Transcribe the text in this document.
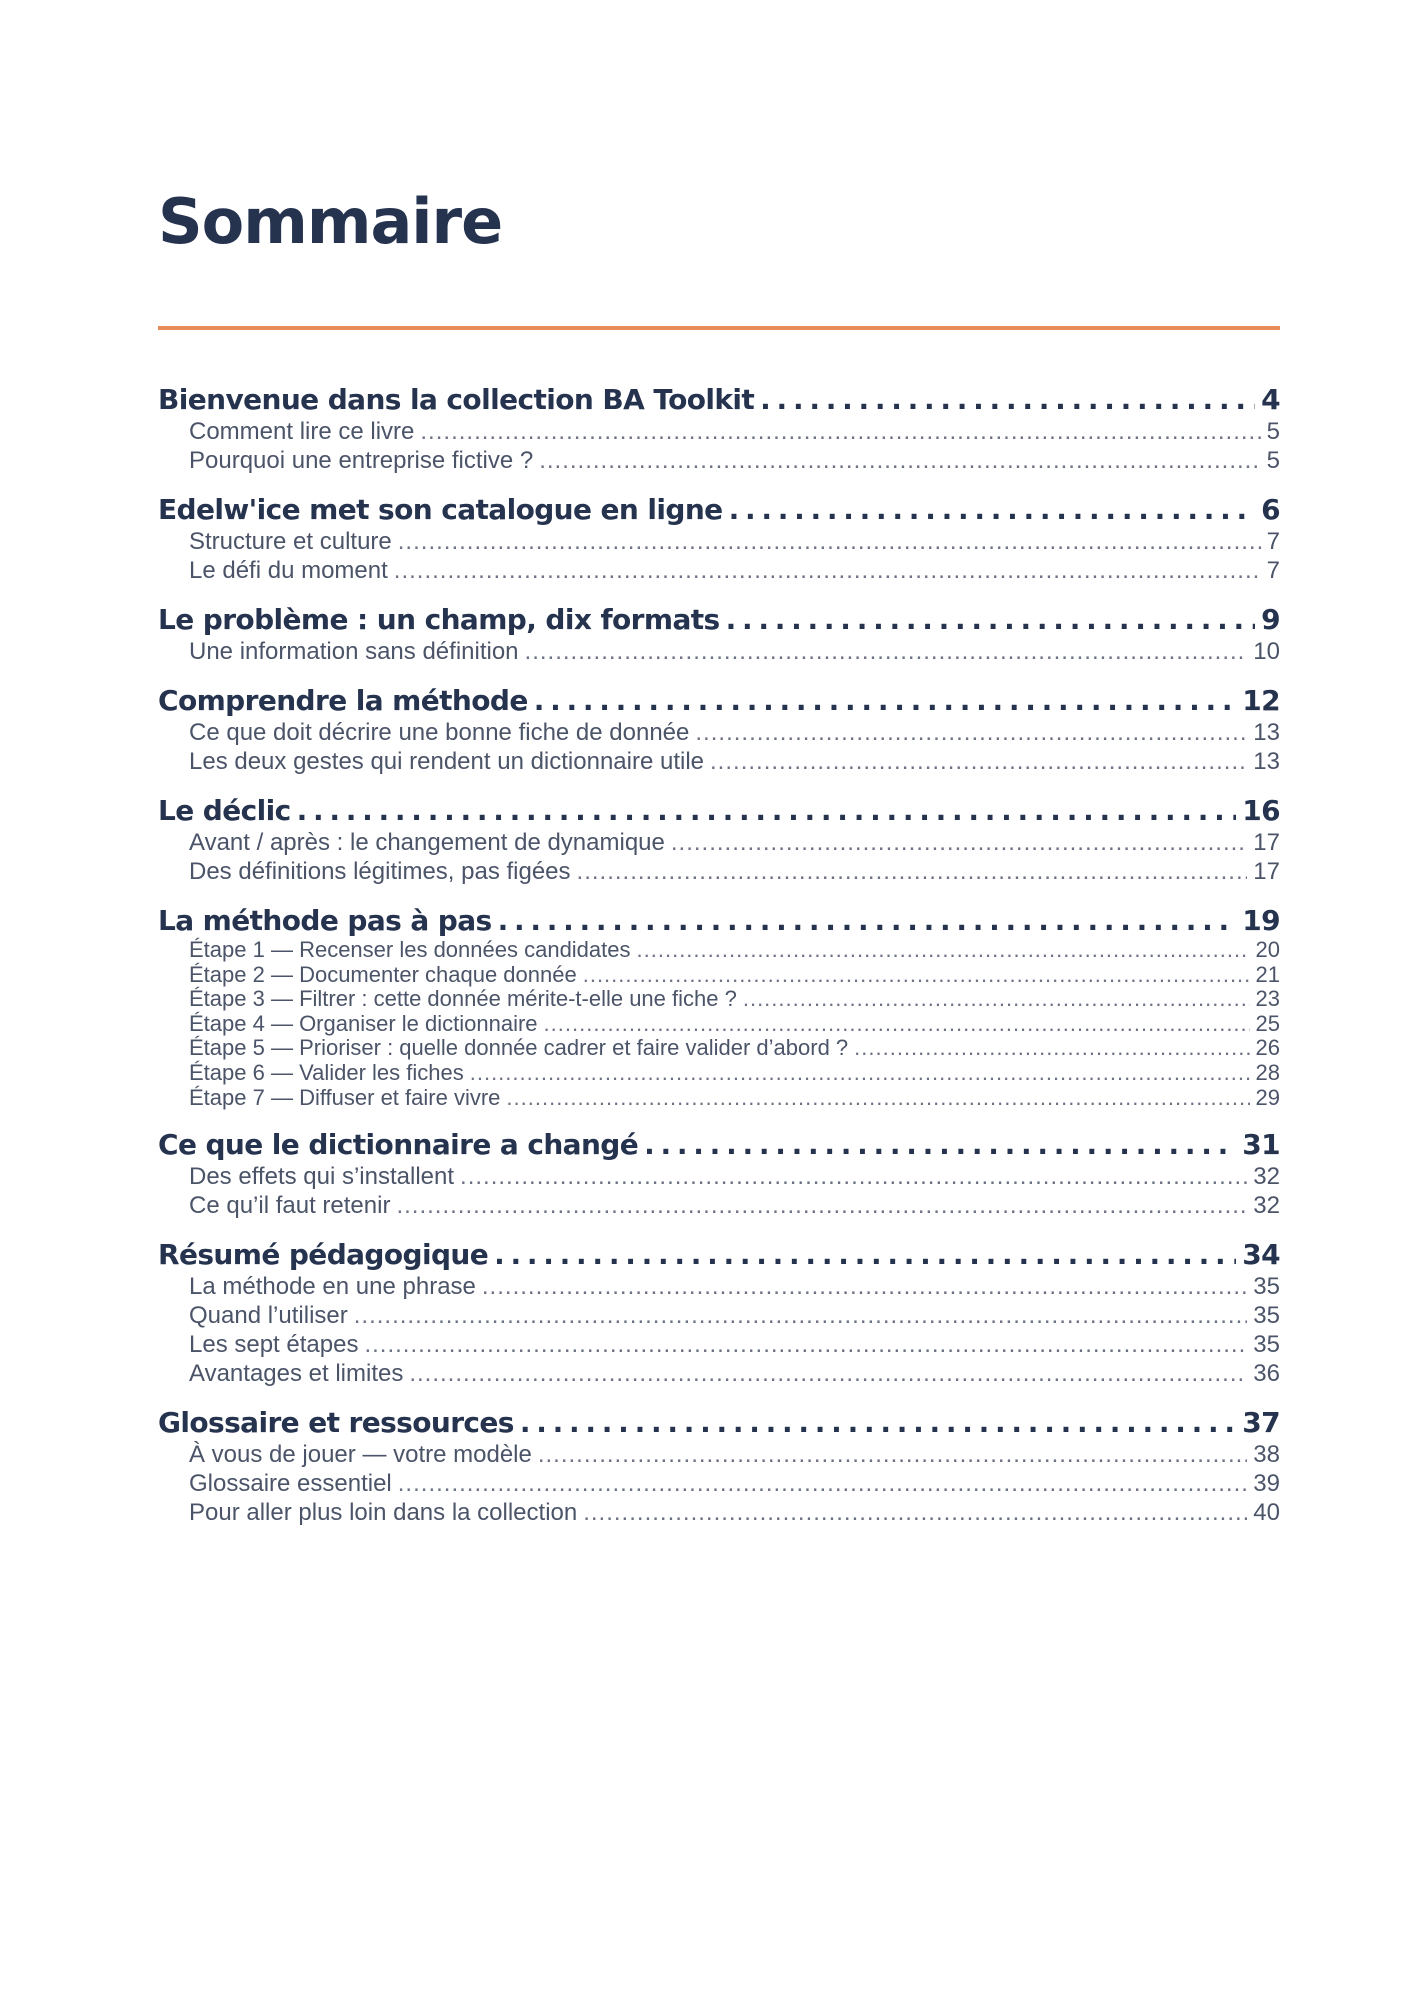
Sommaire
Bienvenue dans la collection BA Toolkit . . .	4
Comment lire ce livre .....	5
Pourquoi une entreprise fictive ? .....	5
Edelw'ice met son catalogue en ligne . . .	6
Structure et culture .....	7
Le défi du moment .....	7
Le problème : un champ, dix formats . . .	9
Une information sans définition .....	10
Comprendre la méthode . . .	12
Ce que doit décrire une bonne fiche de donnée .....	13
Les deux gestes qui rendent un dictionnaire utile .....	13
Le déclic . . .	16
Avant / après : le changement de dynamique .....	17
Des définitions légitimes, pas figées .....	17
La méthode pas à pas . . .	19
Étape 1 — Recenser les données candidates .....	20
Étape 2 — Documenter chaque donnée .....	21
Étape 3 — Filtrer : cette donnée mérite-t-elle une fiche ? .....	23
Étape 4 — Organiser le dictionnaire .....	25
Étape 5 — Prioriser : quelle donnée cadrer et faire valider d’abord ? .....	26
Étape 6 — Valider les fiches .....	28
Étape 7 — Diffuser et faire vivre .....	29
Ce que le dictionnaire a changé . . .	31
Des effets qui s’installent .....	32
Ce qu’il faut retenir .....	32
Résumé pédagogique . . .	34
La méthode en une phrase .....	35
Quand l’utiliser .....	35
Les sept étapes .....	35
Avantages et limites .....	36
Glossaire et ressources . . .	37
À vous de jouer — votre modèle .....	38
Glossaire essentiel .....	39
Pour aller plus loin dans la collection .....	40
